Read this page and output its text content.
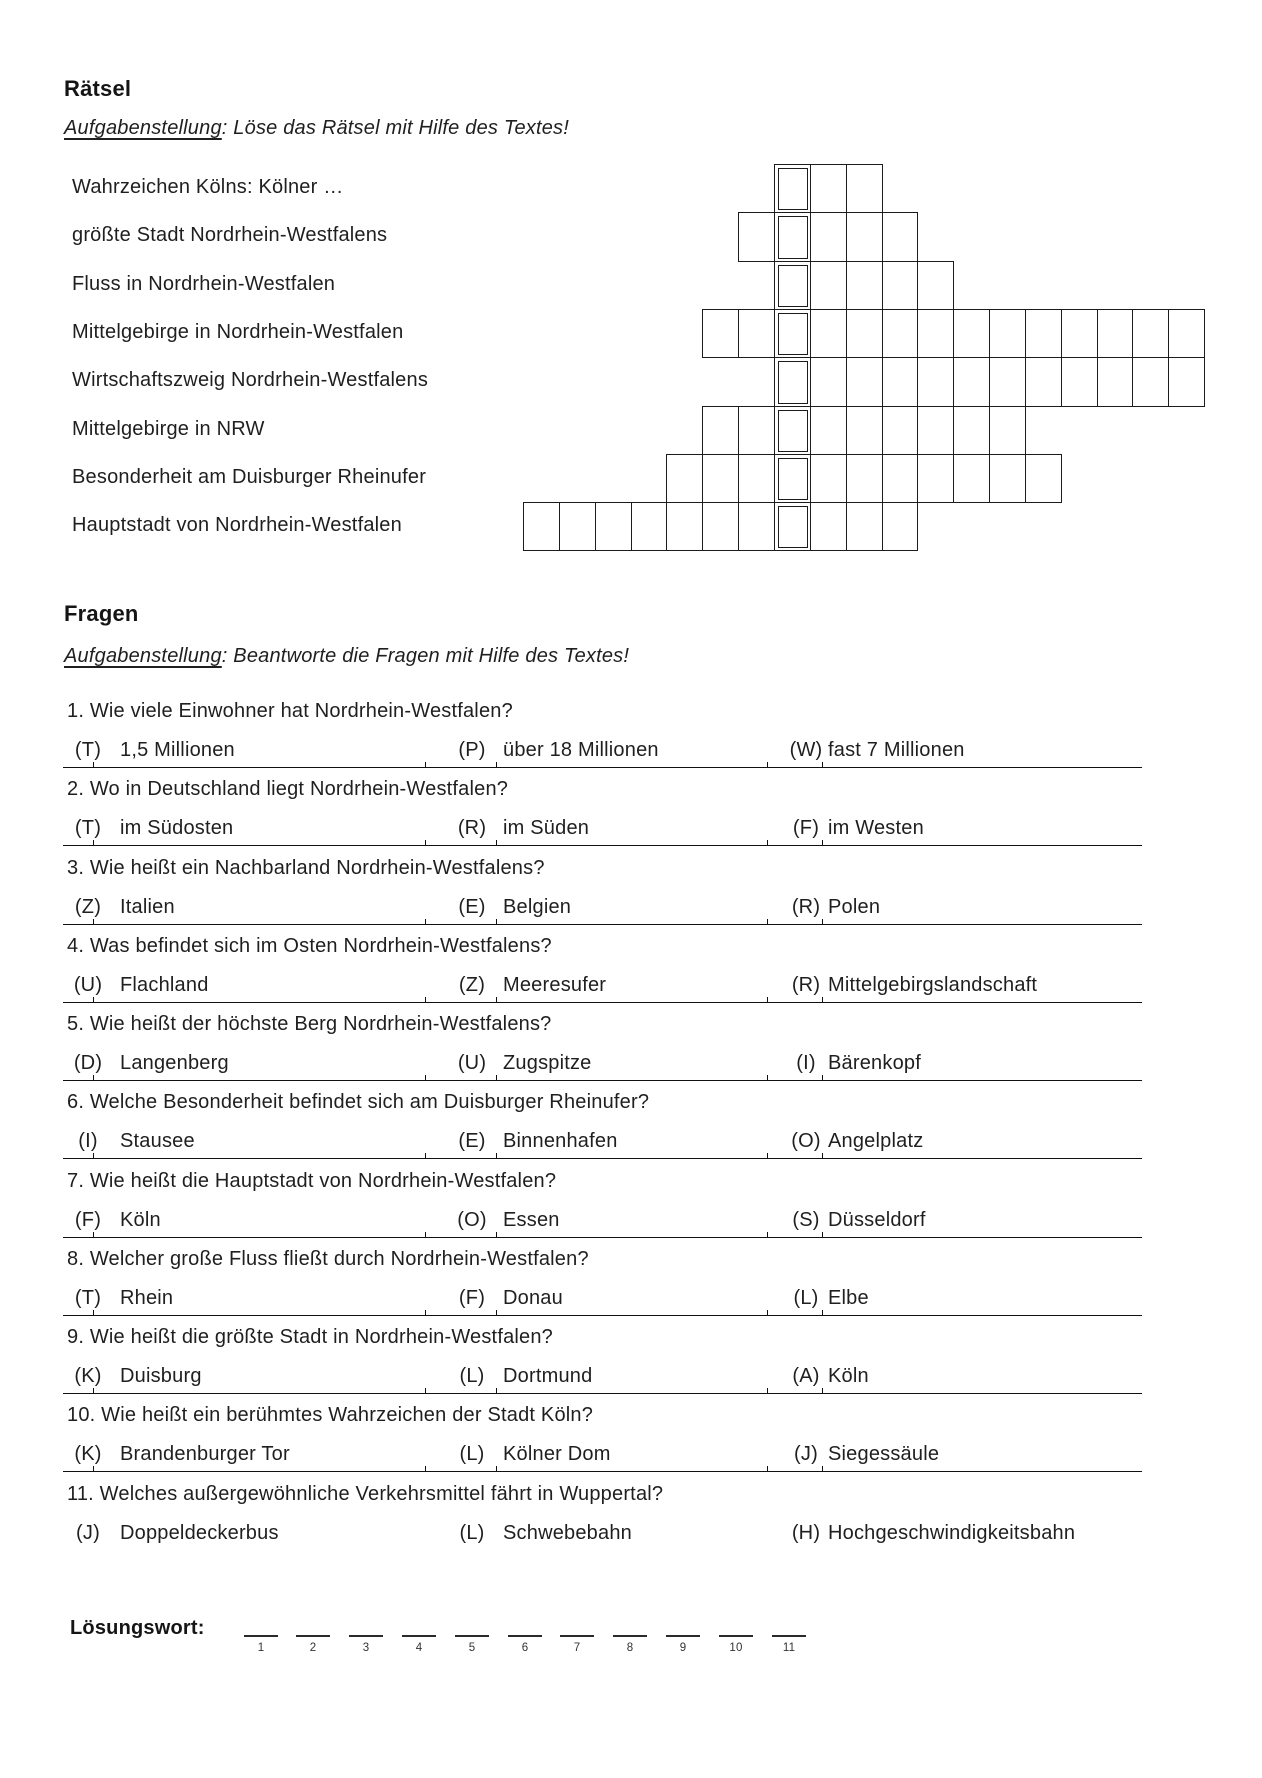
Rätsel
Aufgabenstellung: Löse das Rätsel mit Hilfe des Textes!
Wahrzeichen Kölns: Kölner …
größte Stadt Nordrhein-Westfalens
Fluss in Nordrhein-Westfalen
Mittelgebirge in Nordrhein-Westfalen
Wirtschaftszweig Nordrhein-Westfalens
Mittelgebirge in NRW
Besonderheit am Duisburger Rheinufer
Hauptstadt von Nordrhein-Westfalen
Fragen
Aufgabenstellung: Beantworte die Fragen mit Hilfe des Textes!
1. Wie viele Einwohner hat Nordrhein-Westfalen?
(T) 1,5 Millionen	(P) über 18 Millionen	(W) fast 7 Millionen
2. Wo in Deutschland liegt Nordrhein-Westfalen?
(T) im Südosten	(R) im Süden	(F) im Westen
3. Wie heißt ein Nachbarland Nordrhein-Westfalens?
(Z) Italien	(E) Belgien	(R) Polen
4. Was befindet sich im Osten Nordrhein-Westfalens?
(U) Flachland	(Z) Meeresufer	(R) Mittelgebirgslandschaft
5. Wie heißt der höchste Berg Nordrhein-Westfalens?
(D) Langenberg	(U) Zugspitze	(I) Bärenkopf
6. Welche Besonderheit befindet sich am Duisburger Rheinufer?
(I)	Stausee	(E) Binnenhafen	(O) Angelplatz
7. Wie heißt die Hauptstadt von Nordrhein-Westfalen?
(F) Köln	(O) Essen	(S) Düsseldorf
8. Welcher große Fluss fließt durch Nordrhein-Westfalen?
(T) Rhein	(F) Donau	(L) Elbe
9. Wie heißt die größte Stadt in Nordrhein-Westfalen?
(K) Duisburg	(L) Dortmund	(A) Köln
10. Wie heißt ein berühmtes Wahrzeichen der Stadt Köln?
(K) Brandenburger Tor	(L) Kölner Dom	(J) Siegessäule
11. Welches außergewöhnliche Verkehrsmittel fährt in Wuppertal?
(J)	Doppeldeckerbus	(L) Schwebebahn	(H) Hochgeschwindigkeitsbahn
Lösungswort:
1	2	3	4	5	6	7	8	9	10	11
